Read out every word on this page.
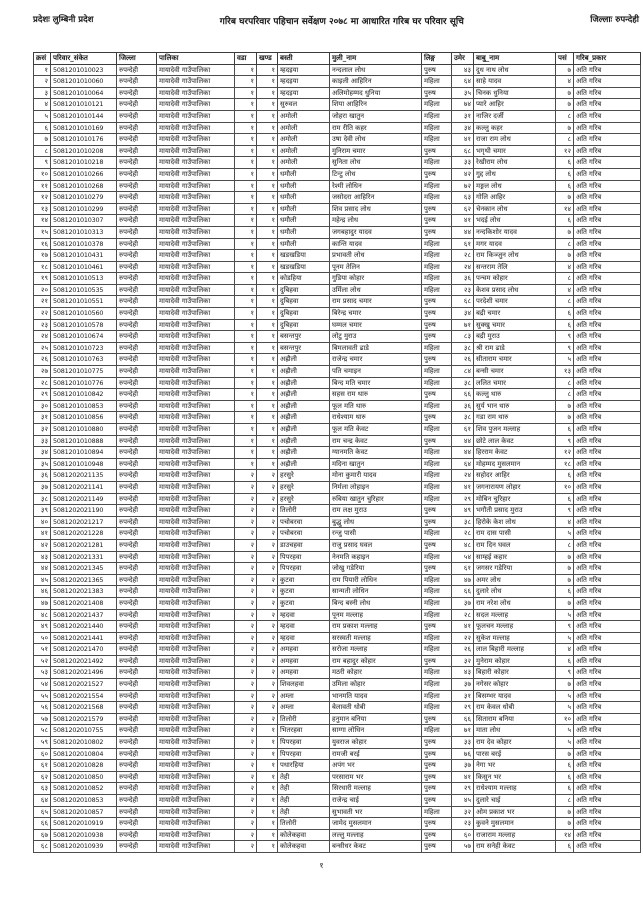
प्रदेशः लुम्बिनी प्रदेश	गरिब घरपरिवार पहिचान सर्वेक्षण २०७८ मा आधारित गरिब घर परिवार सूचि	जिल्लाः रुपन्देही
क्रसं	परिवार_संकेत	जिल्ला	पालिका	वडा	खण्ड	बस्ती	मुली_नाम	लिङ्ग	उमेर	बाबु_नाम	पसं	गरिब_प्रकार
१	5081201010023	रुपन्देही	मायादेवी गाउँपालिका	१	१	म्हदइया	नन्दलाल लोध	पुरुष	४३	दुध नाथ लोध	७	अति गरिब
२	5081201010060	रुपन्देही	मायादेवी गाउँपालिका	१	१	म्हदइया	काइली आहिरिन	महिला	६४	साहे यादव	४	अति गरिब
३	5081201010064	रुपन्देही	मायादेवी गाउँपालिका	१	१	म्हदइया	अलिमोहम्मद धुनिया	पुरुष	३५	चिनक धुनिया	७	अति गरिब
४	5081201010121	रुपन्देही	मायादेवी गाउँपालिका	१	१	सुरुवल	शिया आहिरिन	महिला	७४	प्यारे आहिर	७	अति गरिब
५	5081201010144	रुपन्देही	मायादेवी गाउँपालिका	१	१	अमोली	जोहरा खातुन	महिला	३१	नाजिर दर्जी	८	अति गरिब
६	5081201010169	रुपन्देही	मायादेवी गाउँपालिका	१	१	अमोली	राम रीति कहर	महिला	३४	कल्लु कहर	७	अति गरिब
७	5081201010176	रुपन्देही	मायादेवी गाउँपालिका	१	१	अमोली	उषा देवी लोध	महिला	४१	राजा राम लोध	८	अति गरिब
८	5081201010208	रुपन्देही	मायादेवी गाउँपालिका	१	१	अमोली	मुनिराम चमार	पुरुष	६८	भगृथी चमार	१२	अति गरिब
९	5081201010218	रुपन्देही	मायादेवी गाउँपालिका	१	१	अमोली	सुनिता लोध	महिला	३३	रेखीराम लोध	६	अति गरिब
१०	5081201010266	रुपन्देही	मायादेवी गाउँपालिका	१	१	धमौली	टिन्टु लोध	पुरुष	४२	गुद्द लोध	६	अति गरिब
११	5081201010268	रुपन्देही	मायादेवी गाउँपालिका	१	१	धमौली	रेश्मी लोधिन	महिला	७२	मङ्गल लोध	६	अति गरिब
१२	5081201010279	रुपन्देही	मायादेवी गाउँपालिका	१	१	धमौली	जसोदरा आहिरिन	महिला	६३	गोलि आहिर	७	अति गरिब
१३	5081201010299	रुपन्देही	मायादेवी गाउँपालिका	१	१	धमौली	शिव प्रसाद लोध	पुरुष	६२	चेनकान लोध	१४	अति गरिब
१४	5081201010307	रुपन्देही	मायादेवी गाउँपालिका	१	१	धमौली	महेन्द्र लोध	पुरुष	४१	भदई लोध	६	अति गरिब
१५	5081201010313	रुपन्देही	मायादेवी गाउँपालिका	१	१	धमौली	जगबहादुर यादव	पुरुष	४४	नन्दकिशोर यादव	७	अति गरिब
१६	5081201010378	रुपन्देही	मायादेवी गाउँपालिका	१	१	धमौली	कान्ति यादव	महिला	६१	मगर यादव	८	अति गरिब
१७	5081201010431	रुपन्देही	मायादेवी गाउँपालिका	१	१	खडखडिया	प्रभावती लोध	महिला	२८	राम किञ्जुन लोध	७	अति गरिब
१८	5081201010461	रुपन्देही	मायादेवी गाउँपालिका	१	१	खडखडिया	पूनम तेलिन	महिला	२४	सन्तराम तेलि	४	अति गरिब
१९	5081201010513	रुपन्देही	मायादेवी गाउँपालिका	१	१	कोडहिया	गुडिया कोहार	महिला	३६	पन्चम कोहार	८	अति गरिब
२०	5081201010535	रुपन्देही	मायादेवी गाउँपालिका	१	१	दुबिहवा	उर्मिला लोध	महिला	२३	केशव प्रसाद लोध	४	अति गरिब
२१	5081201010551	रुपन्देही	मायादेवी गाउँपालिका	१	१	दुबिहवा	राम प्रसाद चमार	पुरुष	६८	परदेशी चमार	८	अति गरिब
२२	5081201010560	रुपन्देही	मायादेवी गाउँपालिका	१	१	दुबिहवा	बिरेन्द्र चमार	पुरुष	३४	बद्री चमार	६	अति गरिब
२३	5081201010578	रुपन्देही	मायादेवी गाउँपालिका	१	१	दुबिहवा	घम्मल चमार	पुरुष	७१	सुक्खु चमार	६	अति गरिब
२४	5081201010674	रुपन्देही	मायादेवी गाउँपालिका	१	१	बसन्तपुर	लोटु मुराउ	पुरुष	८३	बद्री मुराउ	९	अति गरिब
२५	5081201010723	रुपन्देही	मायादेवी गाउँपालिका	१	१	बसन्तपुर	बिमलावती ढाडे	महिला	३८	श्री राम ढाडे	९	अति गरिब
२६	5081201010763	रुपन्देही	मायादेवी गाउँपालिका	१	१	अह्रौली	राजेन्द्र चमार	पुरुष	२६	सीताराम चमार	५	अति गरिब
२७	5081201010775	रुपन्देही	मायादेवी गाउँपालिका	१	१	अह्रौली	पति चमाइन	महिला	८४	बन्सी चमार	१३	अति गरिब
२८	5081201010776	रुपन्देही	मायादेवी गाउँपालिका	१	१	अह्रौली	बिन्द मति चमार	महिला	३८	ललित चमार	८	अति गरिब
२९	5081201010842	रुपन्देही	मायादेवी गाउँपालिका	१	१	अह्रौली	सहस राम थारु	पुरुष	६६	कल्लु थारु	८	अति गरिब
३०	5081201010853	रुपन्देही	मायादेवी गाउँपालिका	१	१	अह्रौली	फूल मति थारु	महिला	३६	सुर्य भान थारु	७	अति गरिब
३१	5081201010856	रुपन्देही	मायादेवी गाउँपालिका	१	१	अह्रौली	राधेश्याम थारु	पुरुष	३८	गडा राम थारु	७	अति गरिब
३२	5081201010880	रुपन्देही	मायादेवी गाउँपालिका	१	१	अह्रौली	फूल मति केवट	महिला	६१	शिव पुजन मल्लाह	६	अति गरिब
३३	5081201010888	रुपन्देही	मायादेवी गाउँपालिका	१	१	अह्रौली	राम चन्द्र केवट	पुरुष	४४	छोटे लाल केवट	९	अति गरिब
३४	5081201010894	रुपन्देही	मायादेवी गाउँपालिका	१	१	अह्रौली	ग्यानमति केवट	महिला	४४	हिरराम केवट	१२	अति गरिब
३५	5081201010948	रुपन्देही	मायादेवी गाउँपालिका	१	१	अह्रौली	मदिना खातुन	महिला	६४	मोहम्मद मुसलमान	१८	अति गरिब
३६	5081202021135	रुपन्देही	मायादेवी गाउँपालिका	२	२	हरसुरे	मोना कुमारी यादव	महिला	२४	सहोदर आहिर	६	अति गरिब
३७	5081202021141	रुपन्देही	मायादेवी गाउँपालिका	२	२	हरसुरे	निर्मला लोहाइन	महिला	४१	जगनारायण लोहार	१०	अति गरिब
३८	5081202021149	रुपन्देही	मायादेवी गाउँपालिका	२	२	हरसुरे	रुबिया खातुन चुरिहार	महिला	२९	मोबिन चुरिहार	६	अति गरिब
३९	5081202021190	रुपन्देही	मायादेवी गाउँपालिका	२	२	तिलोरी	राम लक्ष मुराउ	पुरुष	४९	भगौती प्रसाद मुराउ	९	अति गरिब
४०	5081202021217	रुपन्देही	मायादेवी गाउँपालिका	२	२	पचोबरवा	बुद्धु लोध	पुरुष	३८	हिरोके केश लोध	४	अति गरिब
४१	5081202021228	रुपन्देही	मायादेवी गाउँपालिका	२	२	पचोबरवा	रन्जु पासी	महिला	२८	राम दास पासी	५	अति गरिब
४२	5081202021281	रुपन्देही	मायादेवी गाउँपालिका	२	२	डाउचहवा	राजु प्रसाद घवल	पुरुष	४८	राम दिन घवल	८	अति गरिब
४३	5081202021331	रुपन्देही	मायादेवी गाउँपालिका	२	२	पिपरहवा	नेनमति कहाइन	महिला	५४	साम्हई कहार	७	अति गरिब
४४	5081202021345	रुपन्देही	मायादेवी गाउँपालिका	२	२	पिपरहवा	जोखु गडेरिया	पुरुष	६१	जगसर गडेरिया	७	अति गरिब
४५	5081202021365	रुपन्देही	मायादेवी गाउँपालिका	२	२	कुटवा	राम पियारी लोधिन	महिला	४७	अमर लोध	७	अति गरिब
४६	5081202021383	रुपन्देही	मायादेवी गाउँपालिका	२	२	कुटवा	सान्मती लोधिन	महिला	६६	दुलारे लोध	६	अति गरिब
४७	5081202021408	रुपन्देही	मायादेवी गाउँपालिका	२	२	कुटवा	बिन्द बस्नी लोध	महिला	३७	राम नरेश लोध	७	अति गरिब
४८	5081202021437	रुपन्देही	मायादेवी गाउँपालिका	२	२	म्हदवा	पूनम मल्लाह	महिला	२८	सदल मल्लाह	५	अति गरिब
४९	5081202021440	रुपन्देही	मायादेवी गाउँपालिका	२	२	म्हदवा	राम प्रकाश मल्लाह	पुरुष	४१	फूलचन मल्लाह	९	अति गरिब
५०	5081202021441	रुपन्देही	मायादेवी गाउँपालिका	२	२	म्हदवा	सरस्वती मल्लाह	महिला	२२	सुकेश मल्लाह	५	अति गरिब
५१	5081202021470	रुपन्देही	मायादेवी गाउँपालिका	२	२	अमहवा	सरोजा मल्लाह	महिला	२६	लाल बिहारी मल्लाह	४	अति गरिब
५२	5081202021492	रुपन्देही	मायादेवी गाउँपालिका	२	२	अमहवा	राम बहादुर कोहार	पुरुष	३२	मुनेराम कोहार	६	अति गरिब
५३	5081202021496	रुपन्देही	मायादेवी गाउँपालिका	२	२	अमहवा	मठरी कोहार	महिला	४३	बिहारी कोहार	९	अति गरिब
५४	5081202021527	रुपन्देही	मायादेवी गाउँपालिका	२	२	शिवलहवा	उमिला कोहार	महिला	३७	नगेसर कोहार	७	अति गरिब
५५	5081202021554	रुपन्देही	मायादेवी गाउँपालिका	२	२	अम्ला	भानमति यादव	महिला	३१	बिसम्भर यादव	५	अति गरिब
५६	5081202021568	रुपन्देही	मायादेवी गाउँपालिका	२	२	अम्ला	बेलावती धोबी	महिला	२९	राम केवल धोबी	५	अति गरिब
५७	5081202021579	रुपन्देही	मायादेवी गाउँपालिका	२	२	तिलोरी	हनुमान बनिया	पुरुष	६६	सिताराम बनिया	१०	अति गरिब
५८	5081202010755	रुपन्देही	मायादेवी गाउँपालिका	२	१	भितरहवा	साग्गा लोधिन	महिला	७१	माता लोध	५	अति गरिब
५९	5081202010802	रुपन्देही	मायादेवी गाउँपालिका	२	१	पिपरहवा	युवराज कोहार	पुरुष	३३	राम देव कोहार	५	अति गरिब
६०	5081202010804	रुपन्देही	मायादेवी गाउँपालिका	२	१	पिपरहवा	रामजी बरई	पुरुष	७६	पारस बरई	७	अति गरिब
६१	5081202010828	रुपन्देही	मायादेवी गाउँपालिका	२	१	पधारहिया	अपंग भर	पुरुष	३७	नेगा भर	६	अति गरिब
६२	5081202010850	रुपन्देही	मायादेवी गाउँपालिका	२	१	तेही	परसाराम भर	पुरुष	४१	किसुन भर	६	अति गरिब
६३	5081202010852	रुपन्देही	मायादेवी गाउँपालिका	२	१	तेही	सिरधारी मल्लाह	पुरुष	२९	राधेश्याम मल्लाह	६	अति गरिब
६४	5081202010853	रुपन्देही	मायादेवी गाउँपालिका	२	१	तेही	राजेन्द्र चाई	पुरुष	४५	दुलारे चाई	८	अति गरिब
६५	5081202010857	रुपन्देही	मायादेवी गाउँपालिका	२	१	तेही	सुभावती भर	महिला	३२	ओम प्रकाश भर	७	अति गरिब
६६	5081202010919	रुपन्देही	मायादेवी गाउँपालिका	२	१	तिलोरी	जामेद मुसलमान	पुरुष	२३	कुवने मुसलमान	७	अति गरिब
६७	5081202010938	रुपन्देही	मायादेवी गाउँपालिका	२	१	कोलेकहवा	लल्लु मल्लाह	पुरुष	६०	राजाराम मल्लाह	१४	अति गरिब
६८	5081202010939	रुपन्देही	मायादेवी गाउँपालिका	२	१	कोलेकहवा	बन्सीधर केवट	पुरुष	५७	राम सनेही केवट	६	अति गरिब
१
